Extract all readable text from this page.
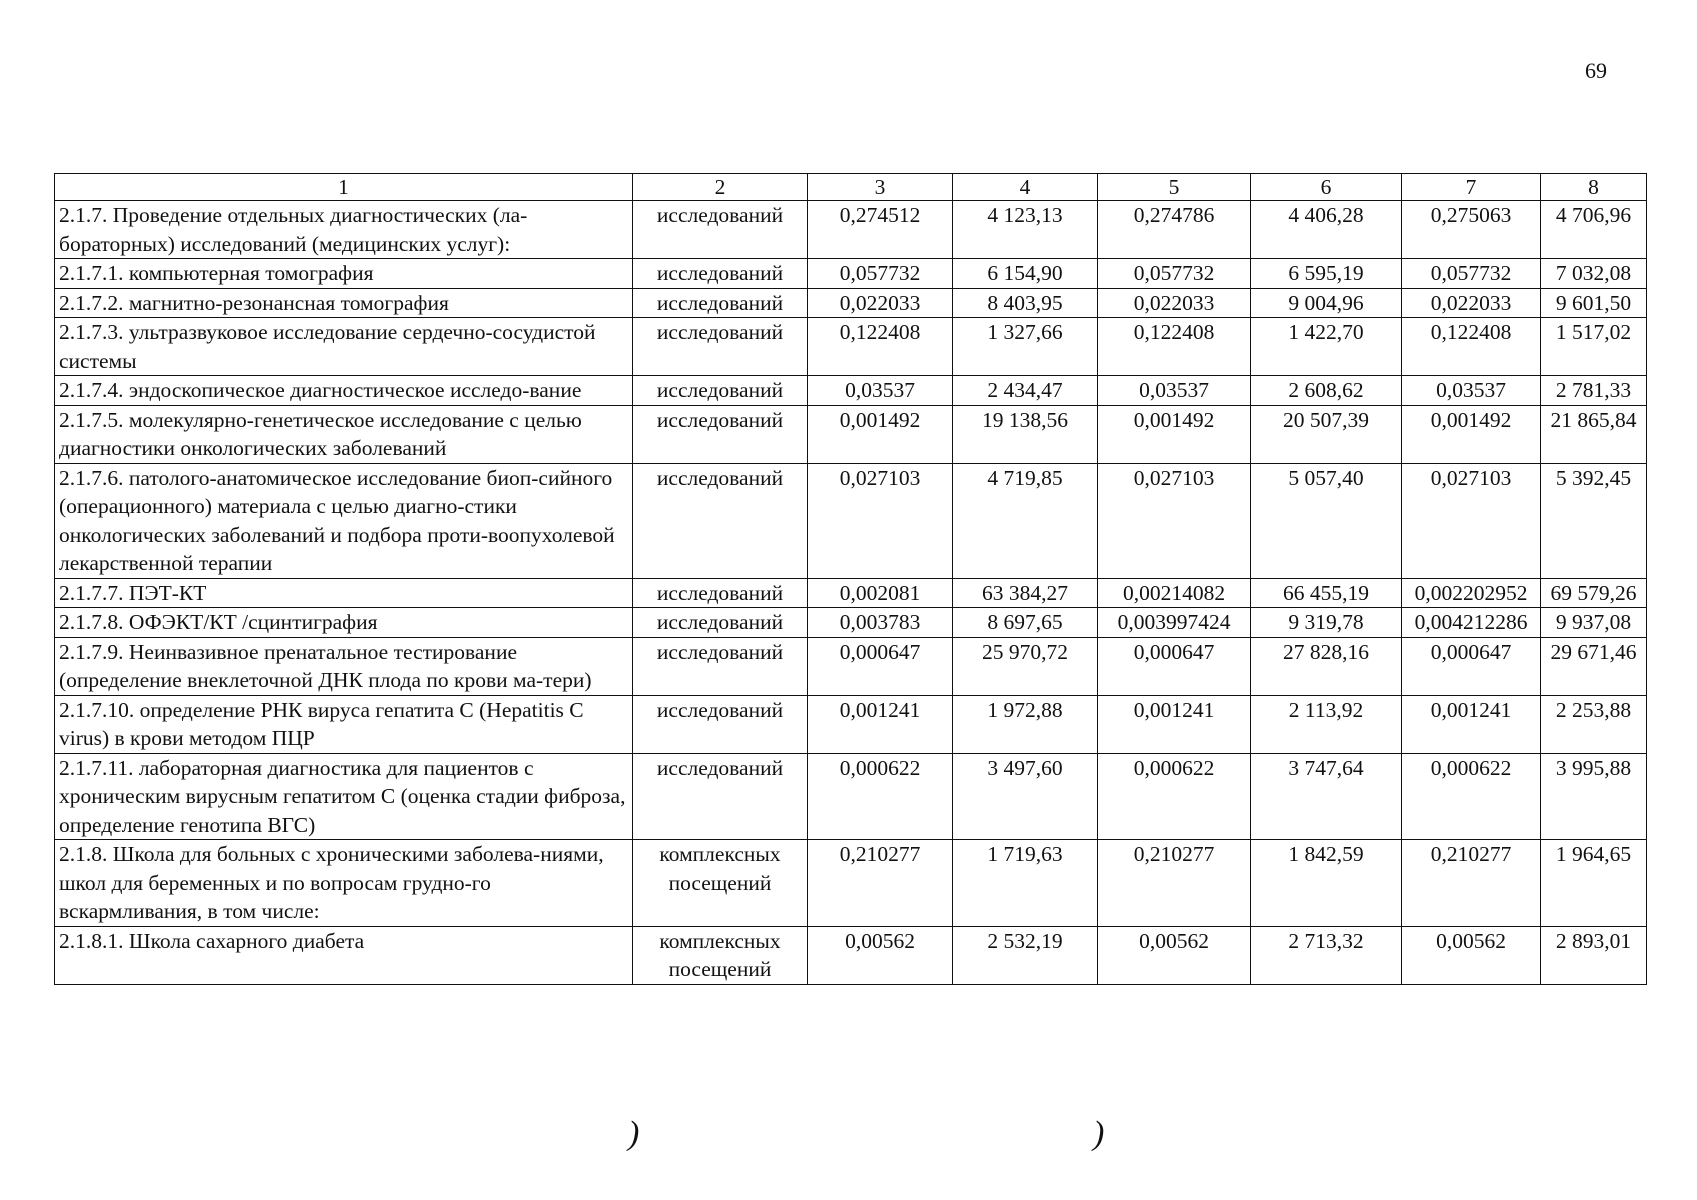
69
1	2	3	4	5	6	7	8
2.1.7. Проведение отдельных диагностических (ла-бораторных) исследований (медицинских услуг):	исследований	0,274512	4 123,13	0,274786	4 406,28	0,275063	4 706,96
2.1.7.1. компьютерная томография	исследований	0,057732	6 154,90	0,057732	6 595,19	0,057732	7 032,08
2.1.7.2. магнитно-резонансная томография	исследований	0,022033	8 403,95	0,022033	9 004,96	0,022033	9 601,50
2.1.7.3. ультразвуковое исследование сердечно-сосудистой системы	исследований	0,122408	1 327,66	0,122408	1 422,70	0,122408	1 517,02
2.1.7.4. эндоскопическое диагностическое исследо-вание	исследований	0,03537	2 434,47	0,03537	2 608,62	0,03537	2 781,33
2.1.7.5. молекулярно-генетическое исследование с целью диагностики онкологических заболеваний	исследований	0,001492	19 138,56	0,001492	20 507,39	0,001492	21 865,84
2.1.7.6. патолого-анатомическое исследование биоп-сийного (операционного) материала с целью диагно-стики онкологических заболеваний и подбора проти-воопухолевой лекарственной терапии	исследований	0,027103	4 719,85	0,027103	5 057,40	0,027103	5 392,45
2.1.7.7. ПЭТ-КТ	исследований	0,002081	63 384,27	0,00214082	66 455,19	0,002202952	69 579,26
2.1.7.8. ОФЭКТ/КТ /сцинтиграфия	исследований	0,003783	8 697,65	0,003997424	9 319,78	0,004212286	9 937,08
2.1.7.9. Неинвазивное пренатальное тестирование (определение внеклеточной ДНК плода по крови ма-тери)	исследований	0,000647	25 970,72	0,000647	27 828,16	0,000647	29 671,46
2.1.7.10. определение РНК вируса гепатита С (Hepatitis C virus) в крови методом ПЦР	исследований	0,001241	1 972,88	0,001241	2 113,92	0,001241	2 253,88
2.1.7.11. лабораторная диагностика для пациентов с хроническим вирусным гепатитом С (оценка стадии фиброза, определение генотипа ВГС)	исследований	0,000622	3 497,60	0,000622	3 747,64	0,000622	3 995,88
2.1.8. Школа для больных с хроническими заболева-ниями, школ для беременных и по вопросам грудно-го вскармливания, в том числе:	комплексных посещений	0,210277	1 719,63	0,210277	1 842,59	0,210277	1 964,65
2.1.8.1. Школа сахарного диабета	комплексных посещений	0,00562	2 532,19	0,00562	2 713,32	0,00562	2 893,01
)	)
